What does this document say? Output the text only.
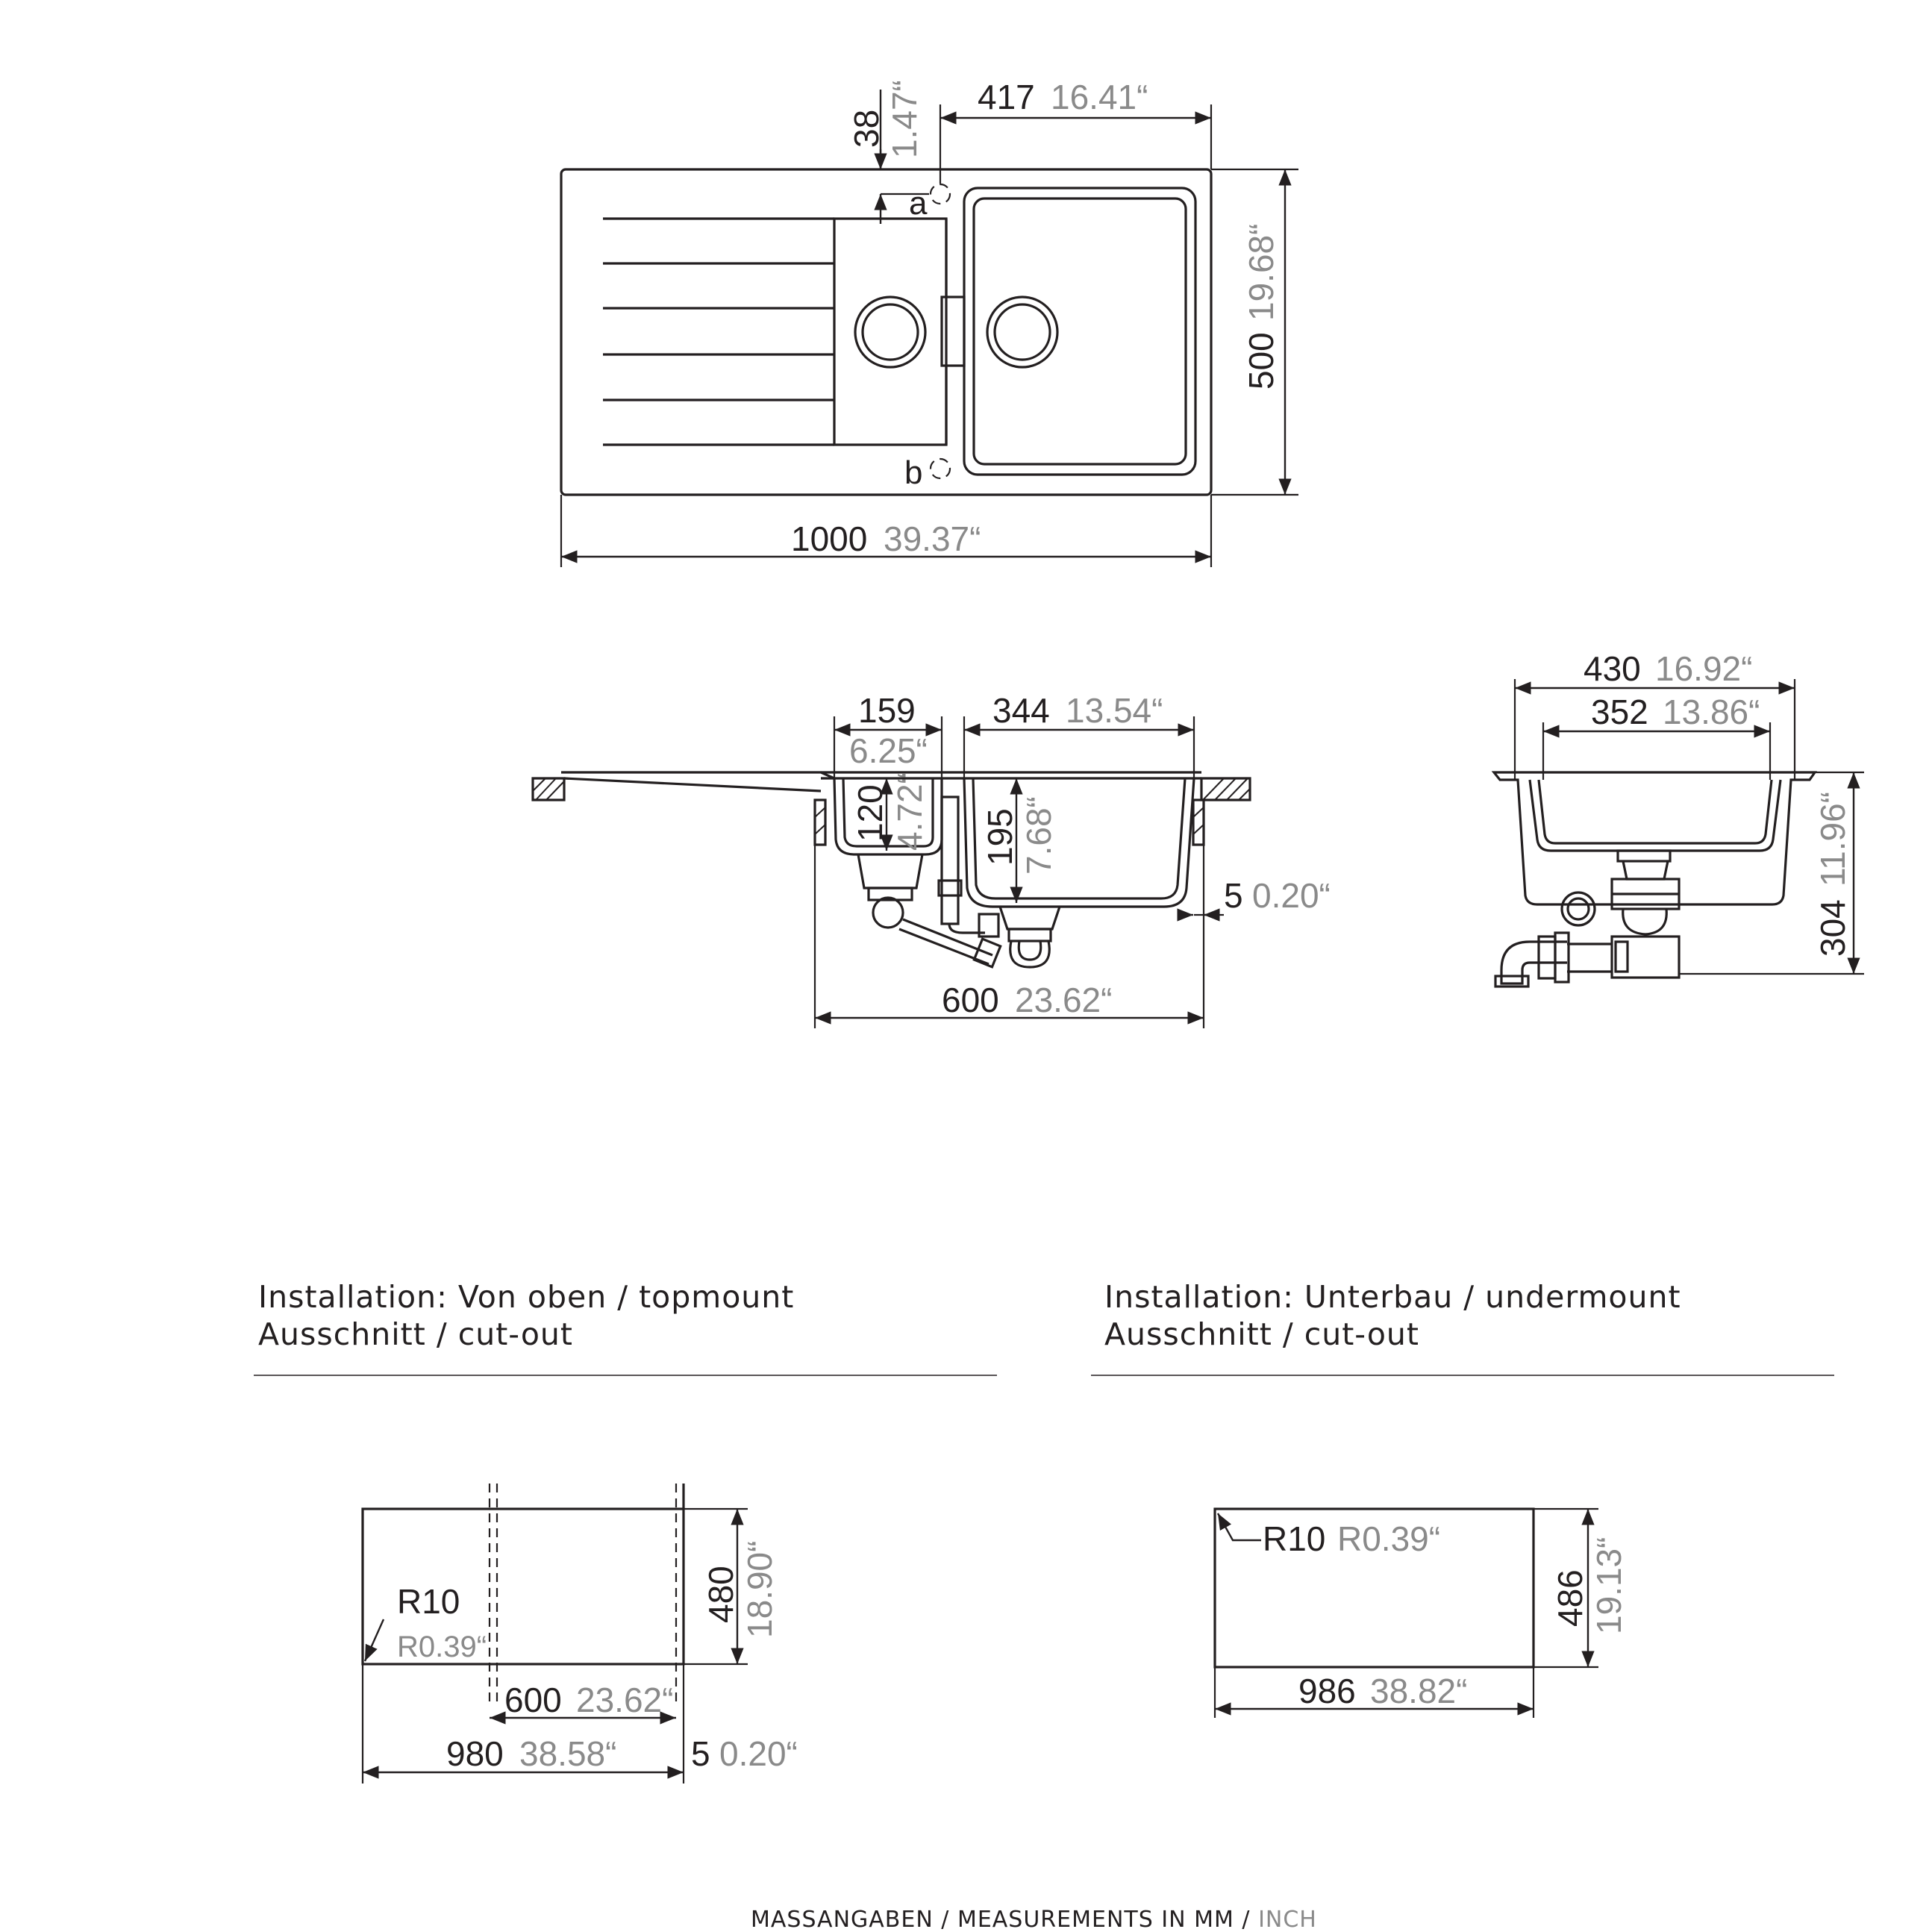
a
b
417 16.41“
38 1.47“
500
19.68“
1000 39.37“
159
6.25“
344 13.54“
120 4.72“ 195 7.68“
5 0.20“
600 23.62“
430 16.92“
352 13.86“
304
11.96“
Installation: Von oben / topmount
Ausschnitt / cut-out
Installation: Unterbau / undermount
Ausschnitt / cut-out
R10
R0.39“
480 18.90“
600 23.62“
980 38.58“ 5 0.20“
R10 R0.39“
486 19.13“
986 38.82“
MASSANGABEN / MEASUREMENTS IN MM / INCH
